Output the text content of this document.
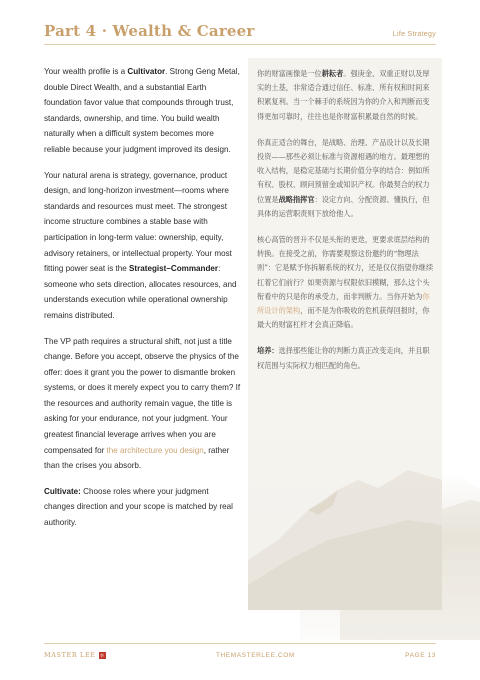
Part 4 · Wealth & Career	Life Strategy

Your wealth profile is a Cultivator. Strong Geng Metal, double Direct Wealth, and a substantial Earth foundation favor value that compounds through trust, standards, ownership, and time. You build wealth naturally when a difficult system becomes more reliable because your judgment improved its design.

Your natural arena is strategy, governance, product design, and long-horizon investment—rooms where standards and resources must meet. The strongest income structure combines a stable base with participation in long-term value: ownership, equity, advisory retainers, or intellectual property. Your most fitting power seat is the Strategist–Commander: someone who sets direction, allocates resources, and understands execution while operational ownership remains distributed.

The VP path requires a structural shift, not just a title change. Before you accept, observe the physics of the offer: does it grant you the power to dismantle broken systems, or does it merely expect you to carry them? If the resources and authority remain vague, the title is asking for your endurance, not your judgment. Your greatest financial leverage arrives when you are compensated for the architecture you design, rather than the crises you absorb.

Cultivate: Choose roles where your judgment changes direction and your scope is matched by real authority.

你的财富画像是一位耕耘者。强庚金、双重正财以及厚实的土基，非常适合通过信任、标准、所有权和时间来积累复利。当一个棘手的系统因为你的介入和判断而变得更加可靠时，往往也是你财富积累最自然的时候。

你真正适合的舞台，是战略、治理、产品设计以及长期投资——那些必须让标准与资源相遇的地方。最理想的收入结构，是稳定基础与长期价值分享的结合：例如所有权、股权、顾问预留金或知识产权。你最契合的权力位置是战略指挥官：设定方向、分配资源、懂执行，但具体的运营职责则下放给他人。

核心高管的晋升不仅是头衔的更迭，更要求底层结构的转换。在接受之前，你需要观察这份邀约的“物理法则”：它是赋予你拆解系统的权力，还是仅仅指望你继续扛着它们前行？如果资源与权限依旧模糊，那么这个头衔看中的只是你的承受力，而非判断力。当你开始为你所设计的架构，而不是为你吸收的危机获得回报时，你最大的财富杠杆才会真正降临。

培养：选择那些能让你的判断力真正改变走向，并且职权范围与实际权力相匹配的角色。

MASTER LEE 李	THEMASTERLEE.COM	PAGE 13
